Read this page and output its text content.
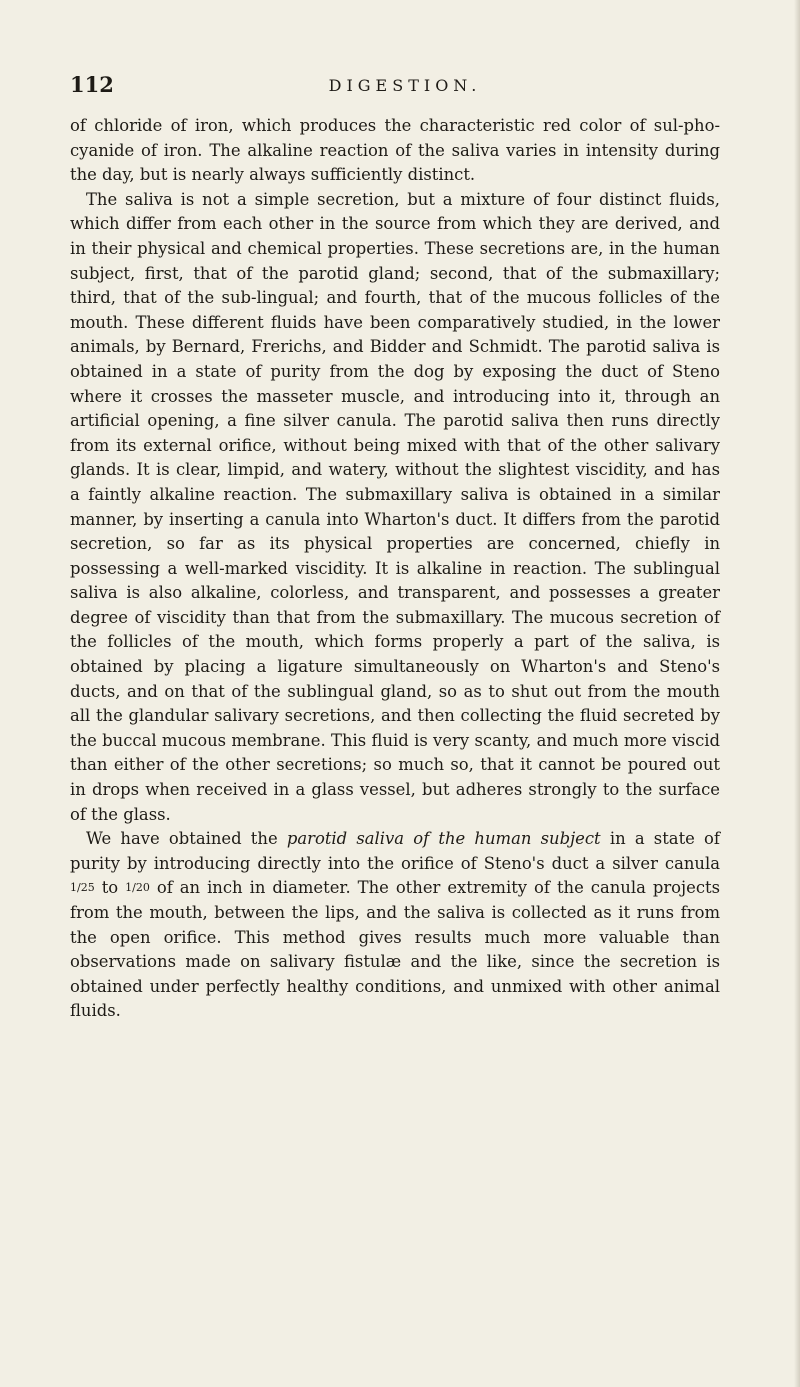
112	DIGESTION.

of chloride of iron, which produces the characteristic red color of sul-pho-cyanide of iron. The alkaline reaction of the saliva varies in intensity during the day, but is nearly always sufficiently distinct.

The saliva is not a simple secretion, but a mixture of four distinct fluids, which differ from each other in the source from which they are derived, and in their physical and chemical properties. These secretions are, in the human subject, first, that of the parotid gland; second, that of the submaxillary; third, that of the sub-lingual; and fourth, that of the mucous follicles of the mouth. These different fluids have been comparatively studied, in the lower animals, by Bernard, Frerichs, and Bidder and Schmidt. The parotid saliva is obtained in a state of purity from the dog by exposing the duct of Steno where it crosses the masseter muscle, and introducing into it, through an artificial opening, a fine silver canula. The parotid saliva then runs directly from its external orifice, without being mixed with that of the other salivary glands. It is clear, limpid, and watery, without the slightest viscidity, and has a faintly alkaline reaction. The submaxillary saliva is obtained in a similar manner, by inserting a canula into Wharton's duct. It differs from the parotid secretion, so far as its physical properties are concerned, chiefly in possessing a well-marked viscidity. It is alkaline in reaction. The sublingual saliva is also alkaline, colorless, and transparent, and possesses a greater degree of viscidity than that from the submaxillary. The mucous secretion of the follicles of the mouth, which forms properly a part of the saliva, is obtained by placing a ligature simultaneously on Wharton's and Steno's ducts, and on that of the sublingual gland, so as to shut out from the mouth all the glandular salivary secretions, and then collecting the fluid secreted by the buccal mucous membrane. This fluid is very scanty, and much more viscid than either of the other secretions; so much so, that it cannot be poured out in drops when received in a glass vessel, but adheres strongly to the surface of the glass.

We have obtained the parotid saliva of the human subject in a state of purity by introducing directly into the orifice of Steno's duct a silver canula 1/25 to 1/20 of an inch in diameter. The other extremity of the canula projects from the mouth, between the lips, and the saliva is collected as it runs from the open orifice. This method gives results much more valuable than observations made on salivary fistulæ and the like, since the secretion is obtained under perfectly healthy conditions, and unmixed with other animal fluids.
